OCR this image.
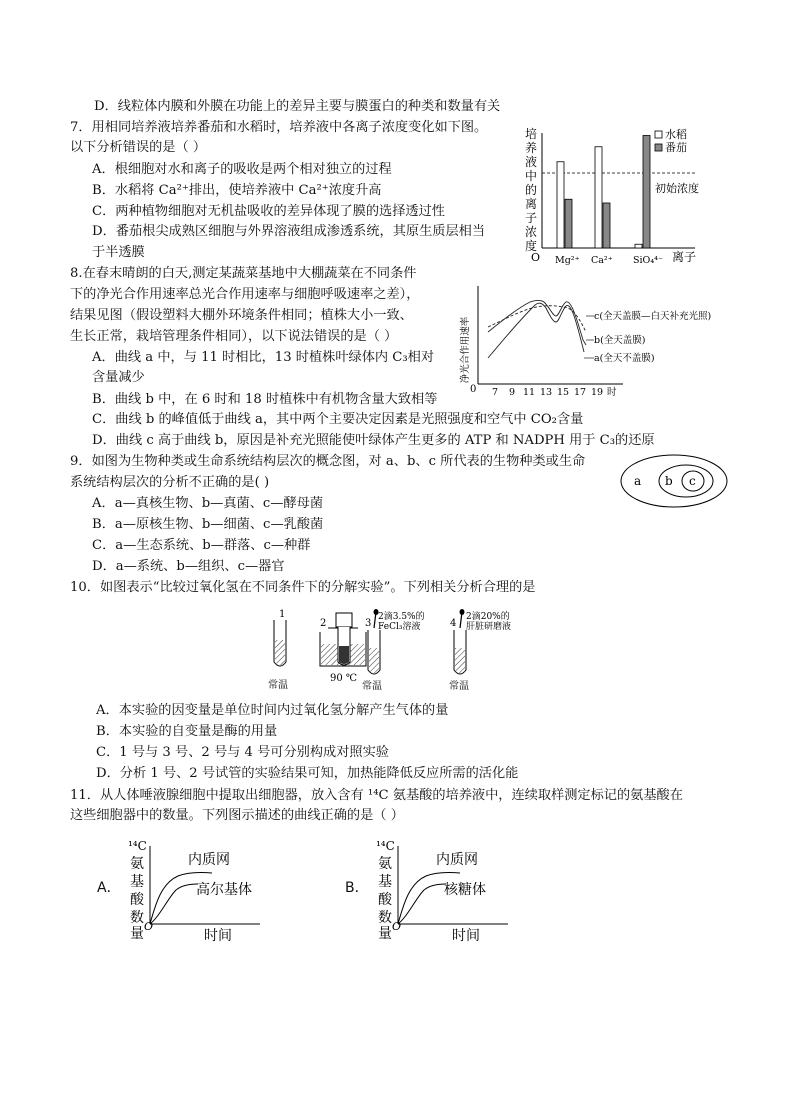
D．线粒体内膜和外膜在功能上的差异主要与膜蛋白的种类和数量有关
7．用相同培养液培养番茄和水稻时，培养液中各离子浓度变化如下图。
以下分析错误的是（ ）
A．根细胞对水和离子的吸收是两个相对独立的过程
B．水稻将 Ca²⁺排出，使培养液中 Ca²⁺浓度升高
C．两种植物细胞对无机盐吸收的差异体现了膜的选择透过性
D．番茄根尖成熟区细胞与外界溶液组成渗透系统，其原生质层相当
于半透膜
8.在春末晴朗的白天,测定某蔬菜基地中大棚蔬菜在不同条件
下的净光合作用速率总光合作用速率与细胞呼吸速率之差），
结果见图（假设塑料大棚外环境条件相同；植株大小一致、
生长正常，栽培管理条件相同），以下说法错误的是（ ）
A．曲线 a 中，与 11 时相比，13 时植株叶绿体内 C₃相对
含量减少
B．曲线 b 中，在 6 时和 18 时植株中有机物含量大致相等
C．曲线 b 的峰值低于曲线 a，其中两个主要决定因素是光照强度和空气中 CO₂含量
D．曲线 c 高于曲线 b，原因是补充光照能使叶绿体产生更多的 ATP 和 NADPH 用于 C₃的还原
9．如图为生物种类或生命系统结构层次的概念图，对 a、b、c 所代表的生物种类或生命
系统结构层次的分析不正确的是( )
A．a—真核生物、b—真菌、c—酵母菌
B．a—原核生物、b—细菌、c—乳酸菌
C．a—生态系统、b—群落、c—种群
D．a—系统、b—组织、c—器官
10．如图表示“比较过氧化氢在不同条件下的分解实验”。下列相关分析合理的是
A．本实验的因变量是单位时间内过氧化氢分解产生气体的量
B．本实验的自变量是酶的用量
C．1 号与 3 号、2 号与 4 号可分别构成对照实验
D．分析 1 号、2 号试管的实验结果可知，加热能降低反应所需的活化能
11．从人体唾液腺细胞中提取出细胞器，放入含有 ¹⁴C 氨基酸的培养液中，连续取样测定标记的氨基酸在
这些细胞器中的数量。下列图示描述的曲线正确的是（ ）
培
养
液
中
的
离
子
浓
度
O
初始浓度
水稻
番茄
Mg²⁺ Ca²⁺ SiO₄⁴⁻ 离子
净光合作用速率
0
c(全天盖膜—白天补充光照)
b(全天盖膜)
a(全天不盖膜)
7 9 11 13 15 17 19 时
a b c
1
常温
2
90 ℃
3
2滴3.5%的
FeCl₃溶液
常温
4
2滴20%的
肝脏研磨液
常温
A．
¹⁴C
氨
基
酸
数
量 O
内质网
高尔基体
时间
B．
¹⁴C
氨
基
酸
数
量 O
内质网
核糖体
时间
